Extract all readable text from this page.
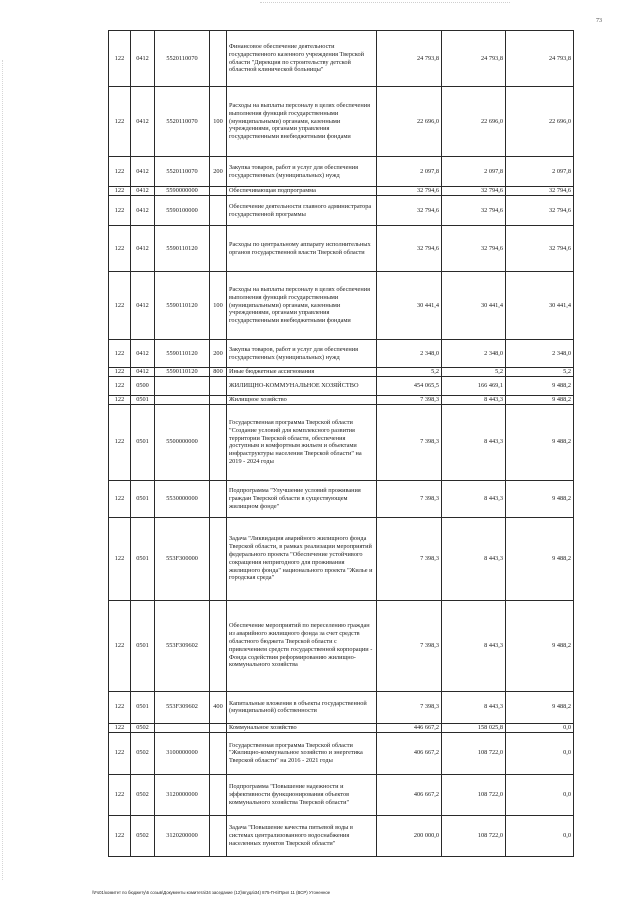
73
122	0412	5520110070		Финансовое обеспечение деятельности государственного казенного учреждения Тверской области "Дирекция по строительству детской областной клинической больницы"	24 793,8	24 793,8	24 793,8
122	0412	5520110070	100	Расходы на выплаты персоналу в целях обеспечения выполнения функций государственными (муниципальными) органами, казенными учреждениями, органами управления государственными внебюджетными фондами	22 696,0	22 696,0	22 696,0
122	0412	5520110070	200	Закупка товаров, работ и услуг для обеспечения государственных (муниципальных) нужд	2 097,8	2 097,8	2 097,8
122	0412	5590000000		Обеспечивающая подпрограмма	32 794,6	32 794,6	32 794,6
122	0412	5590100000		Обеспечение деятельности главного администратора государственной программы	32 794,6	32 794,6	32 794,6
122	0412	5590110120		Расходы по центральному аппарату исполнительных органов государственной власти Тверской области	32 794,6	32 794,6	32 794,6
122	0412	5590110120	100	Расходы на выплаты персоналу в целях обеспечения выполнения функций государственными (муниципальными) органами, казенными учреждениями, органами управления государственными внебюджетными фондами	30 441,4	30 441,4	30 441,4
122	0412	5590110120	200	Закупка товаров, работ и услуг для обеспечения государственных (муниципальных) нужд	2 348,0	2 348,0	2 348,0
122	0412	5590110120	800	Иные бюджетные ассигнования	5,2	5,2	5,2
122	0500			ЖИЛИЩНО-КОММУНАЛЬНОЕ ХОЗЯЙСТВО	454 065,5	166 469,1	9 488,2
122	0501			Жилищное хозяйство	7 398,3	8 443,3	9 488,2
122	0501	5500000000		Государственная программа Тверской области "Создание условий для комплексного развития территории Тверской области, обеспечения доступным и комфортным жильем и объектами инфраструктуры населения Тверской области" на 2019 - 2024 годы	7 398,3	8 443,3	9 488,2
122	0501	5530000000		Подпрограмма "Улучшение условий проживания граждан Тверской области в существующем жилищном фонде"	7 398,3	8 443,3	9 488,2
122	0501	553F300000		Задача "Ликвидация аварийного жилищного фонда Тверской области, в рамках реализации мероприятий федерального проекта "Обеспечение устойчивого сокращения непригодного для проживания жилищного фонда" национального проекта "Жилье и городская среда"	7 398,3	8 443,3	9 488,2
122	0501	553F309602		Обеспечение мероприятий по переселению граждан из аварийного жилищного фонда за счет средств областного бюджета Тверской области с привлечением средств государственной корпорации - Фонда содействия реформированию жилищно-коммунального хозяйства	7 398,3	8 443,3	9 488,2
122	0501	553F309602	400	Капитальные вложения в объекты государственной (муниципальной) собственности	7 398,3	8 443,3	9 488,2
122	0502			Коммунальное хозяйство	446 667,2	158 025,8	0,0
122	0502	3100000000		Государственная программа Тверской области "Жилищно-коммунальное хозяйство и энергетика Тверской области" на 2016 - 2021 годы	406 667,2	108 722,0	0,0
122	0502	3120000000		Подпрограмма "Повышение надежности и эффективности функционирования объектов коммунального хозяйства Тверской области"	406 667,2	108 722,0	0,0
122	0502	3120200000		Задача "Повышение качества питьевой воды в системах централизованного водоснабжения населенных пунктов Тверской области"	200 000,0	108 722,0	0,0
\\Fs01\комитет по бюджету\6 созыв\Документы комитета\34 заседание (12)\вгуда\34) 875-П-6\Прил 11 (ВСР) Утоненное
